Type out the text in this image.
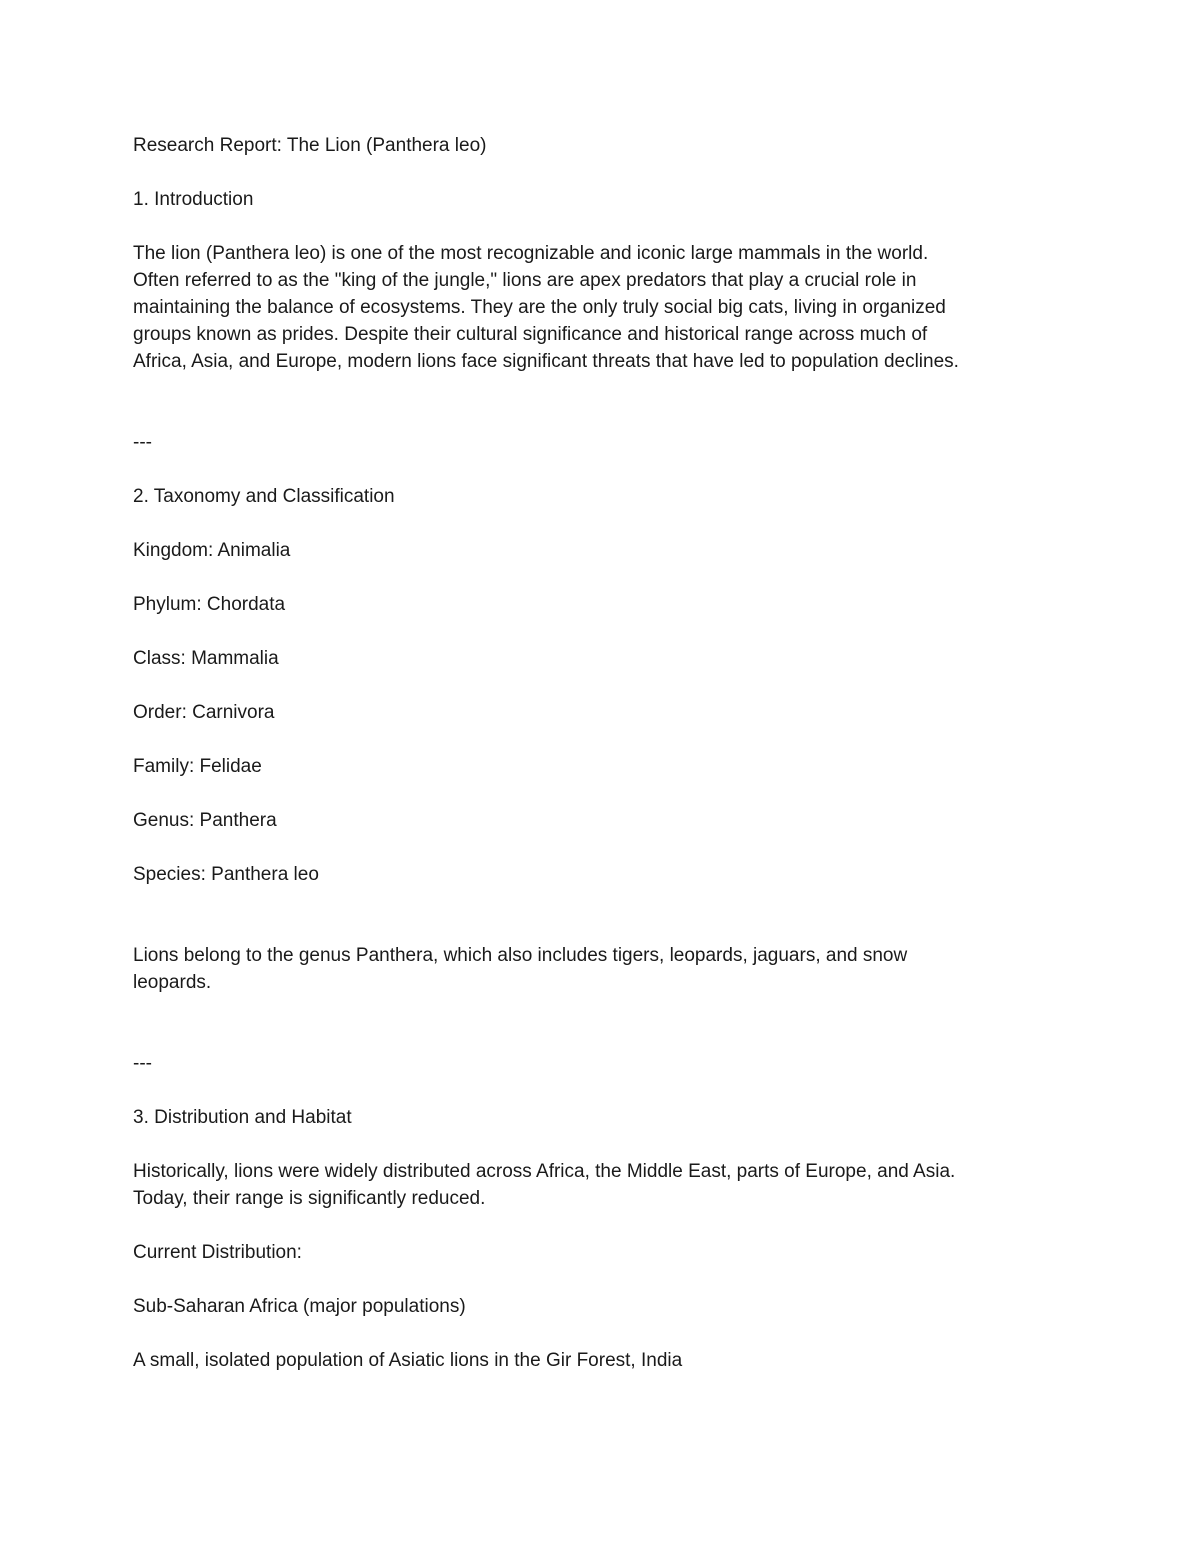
Research Report: The Lion (Panthera leo)

1. Introduction

The lion (Panthera leo) is one of the most recognizable and iconic large mammals in the world. Often referred to as the "king of the jungle," lions are apex predators that play a crucial role in maintaining the balance of ecosystems. They are the only truly social big cats, living in organized groups known as prides. Despite their cultural significance and historical range across much of Africa, Asia, and Europe, modern lions face significant threats that have led to population declines.

---

2. Taxonomy and Classification

Kingdom: Animalia

Phylum: Chordata

Class: Mammalia

Order: Carnivora

Family: Felidae

Genus: Panthera

Species: Panthera leo

Lions belong to the genus Panthera, which also includes tigers, leopards, jaguars, and snow leopards.

---

3. Distribution and Habitat

Historically, lions were widely distributed across Africa, the Middle East, parts of Europe, and Asia. Today, their range is significantly reduced.

Current Distribution:

Sub-Saharan Africa (major populations)

A small, isolated population of Asiatic lions in the Gir Forest, India
